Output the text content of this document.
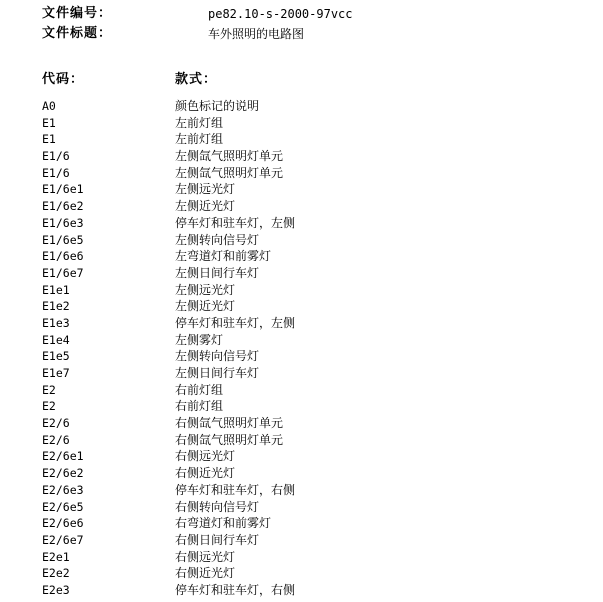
文件编号：	pe82.10-s-2000-97vcc
文件标题：	车外照明的电路图
代码：	款式：
A0	颜色标记的说明
E1	左前灯组
E1	左前灯组
E1/6	左侧氙气照明灯单元
E1/6	左侧氙气照明灯单元
E1/6e1	左侧远光灯
E1/6e2	左侧近光灯
E1/6e3	停车灯和驻车灯，左侧
E1/6e5	左侧转向信号灯
E1/6e6	左弯道灯和前雾灯
E1/6e7	左侧日间行车灯
E1e1	左侧远光灯
E1e2	左侧近光灯
E1e3	停车灯和驻车灯，左侧
E1e4	左侧雾灯
E1e5	左侧转向信号灯
E1e7	左侧日间行车灯
E2	右前灯组
E2	右前灯组
E2/6	右侧氙气照明灯单元
E2/6	右侧氙气照明灯单元
E2/6e1	右侧远光灯
E2/6e2	右侧近光灯
E2/6e3	停车灯和驻车灯，右侧
E2/6e5	右侧转向信号灯
E2/6e6	右弯道灯和前雾灯
E2/6e7	右侧日间行车灯
E2e1	右侧远光灯
E2e2	右侧近光灯
E2e3	停车灯和驻车灯，右侧
